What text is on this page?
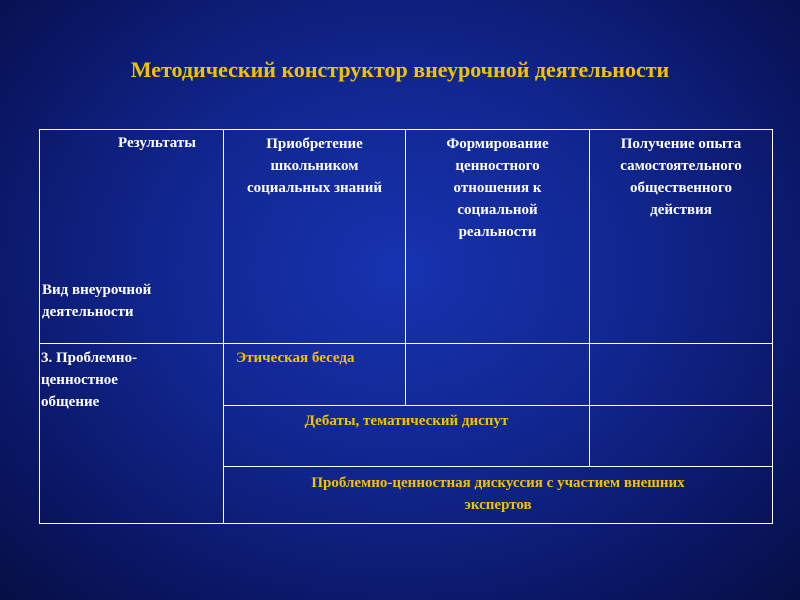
Методический конструктор внеурочной деятельности
Результаты
Вид внеурочной
деятельности
Приобретение
школьником
социальных знаний
Формирование
ценностного
отношения к
социальной
реальности
Получение опыта
самостоятельного
общественного
действия
3. Проблемно-
ценностное
общение
Этическая беседа
Дебаты, тематический диспут
Проблемно-ценностная дискуссия с участием внешних
экспертов
